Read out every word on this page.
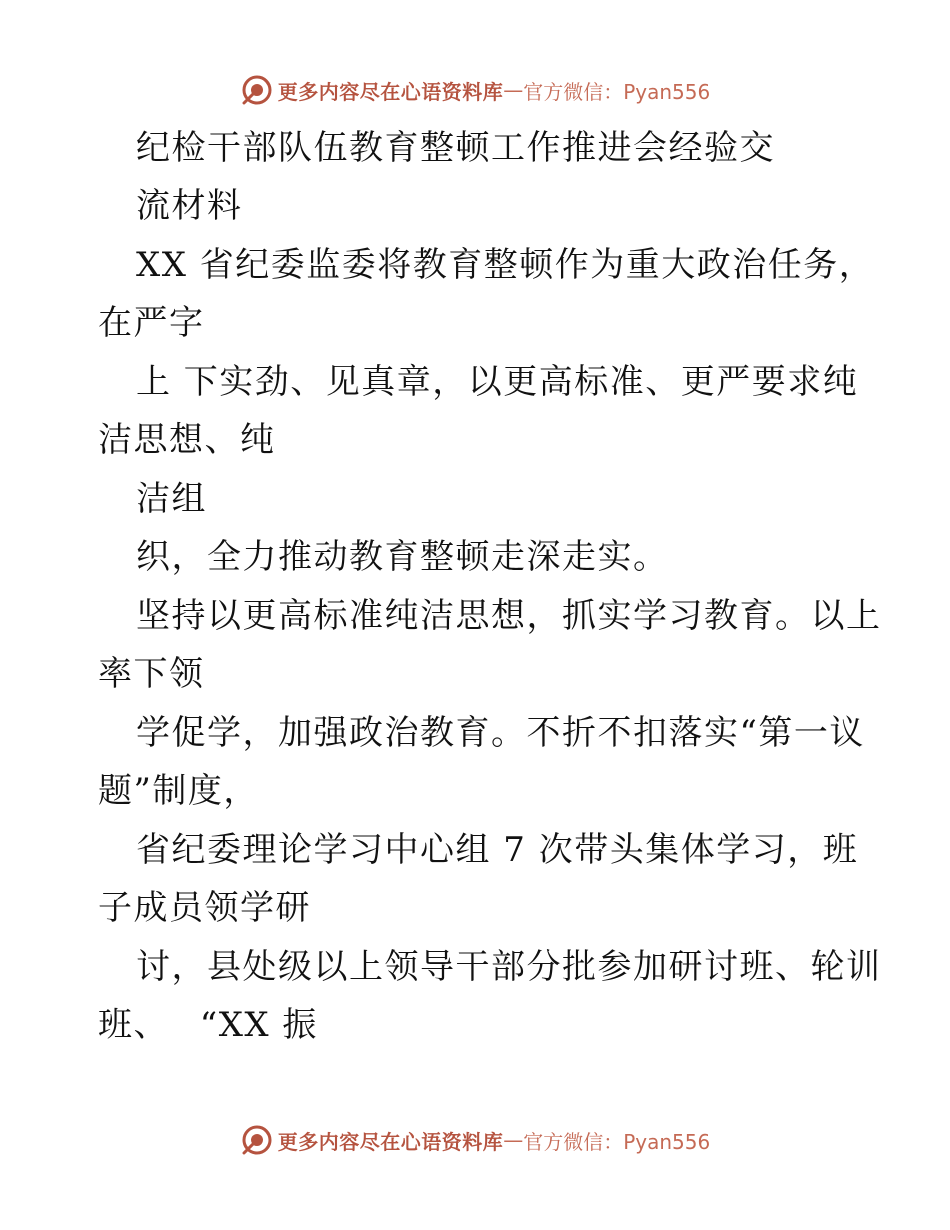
更多内容尽在心语资料库 — 官方微信：Pyan556
纪检干部队伍教育整顿工作推进会经验交
流材料
XX 省纪委监委将教育整顿作为重大政治任务，
在严字
上 下实劲、见真章，以更高标准、更严要求纯
洁思想、纯
洁组
织，全力推动教育整顿走深走实。
坚持以更高标准纯洁思想，抓实学习教育。以上
率下领
学促学，加强政治教育。不折不扣落实“第一议
题”制度，
省纪委理论学习中心组 7 次带头集体学习，班
子成员领学研
讨，县处级以上领导干部分批参加研讨班、轮训
班、　 “XX 振
更多内容尽在心语资料库 — 官方微信：Pyan556
